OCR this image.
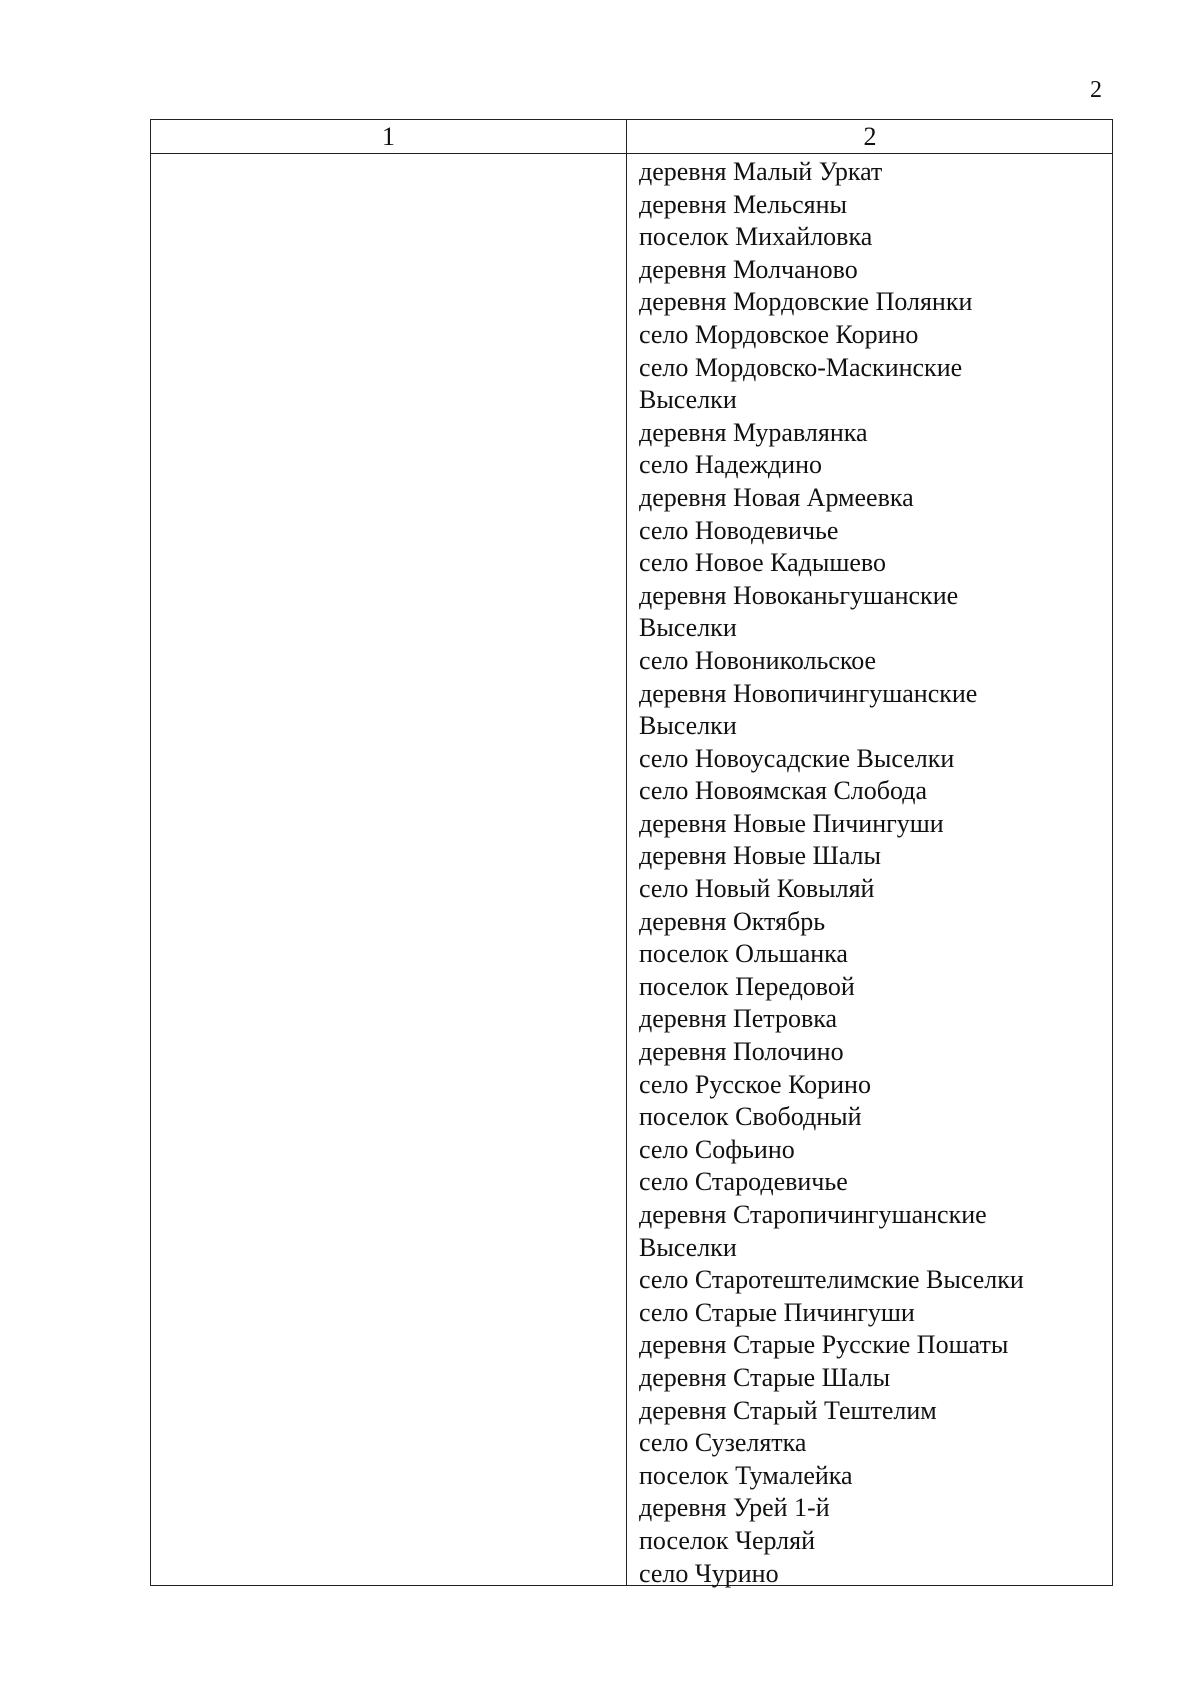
2
1	2
деревня Малый Уркат
деревня Мельсяны
поселок Михайловка
деревня Молчаново
деревня Мордовские Полянки
село Мордовское Корино
село Мордовско-Маскинские
Выселки
деревня Муравлянка
село Надеждино
деревня Новая Армеевка
село Новодевичье
село Новое Кадышево
деревня Новоканьгушанские
Выселки
село Новоникольское
деревня Новопичингушанские
Выселки
село Новоусадские Выселки
село Новоямская Слобода
деревня Новые Пичингуши
деревня Новые Шалы
село Новый Ковыляй
деревня Октябрь
поселок Ольшанка
поселок Передовой
деревня Петровка
деревня Полочино
село Русское Корино
поселок Свободный
село Софьино
село Стародевичье
деревня Старопичингушанские
Выселки
село Старотештелимские Выселки
село Старые Пичингуши
деревня Старые Русские Пошаты
деревня Старые Шалы
деревня Старый Тештелим
село Сузелятка
поселок Тумалейка
деревня Урей 1-й
поселок Черляй
село Чурино
